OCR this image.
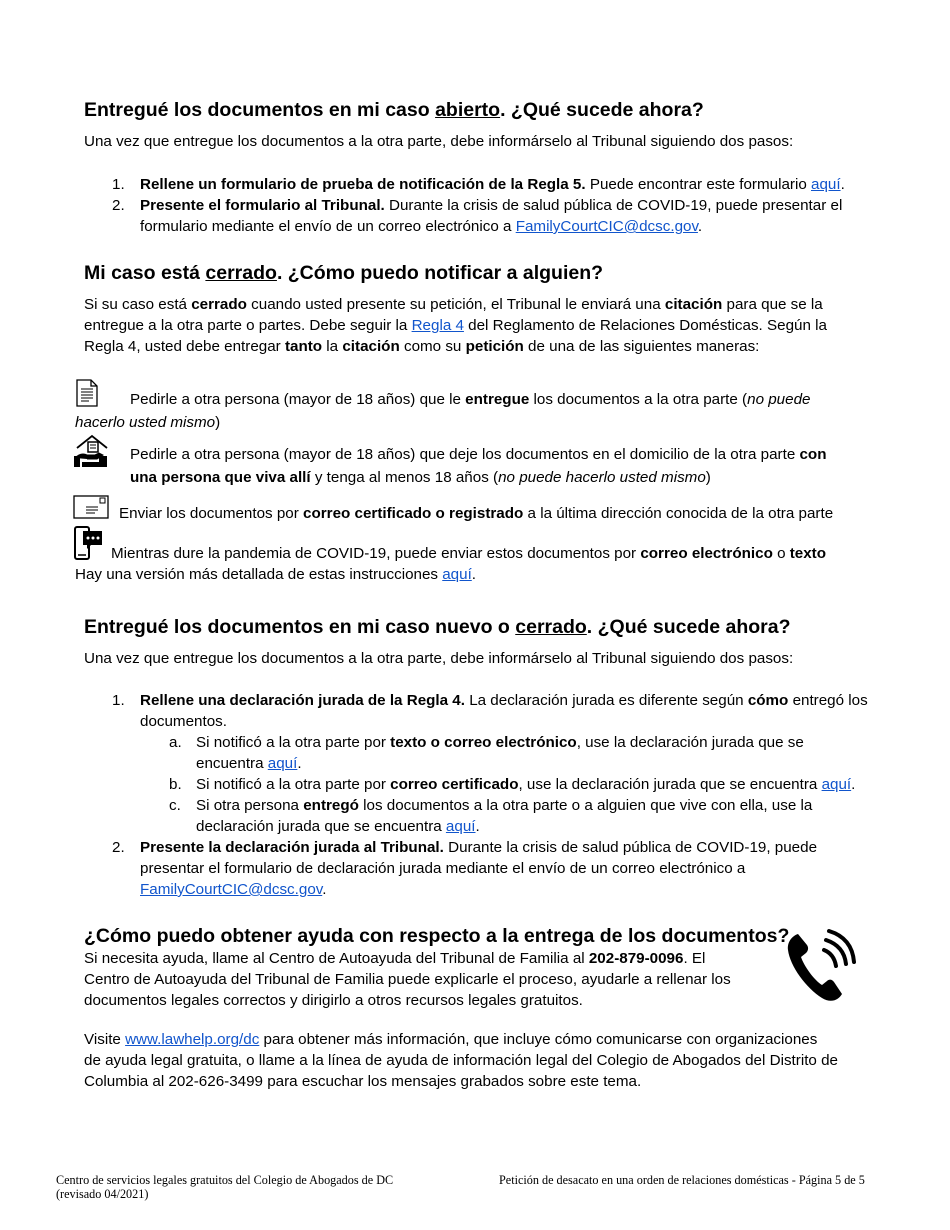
Entregué los documentos en mi caso abierto. ¿Qué sucede ahora?

Una vez que entregue los documentos a la otra parte, debe informárselo al Tribunal siguiendo dos pasos:

1. Rellene un formulario de prueba de notificación de la Regla 5. Puede encontrar este formulario aquí.

2. Presente el formulario al Tribunal. Durante la crisis de salud pública de COVID-19, puede presentar el

formulario mediante el envío de un correo electrónico a FamilyCourtCIC@dcsc.gov.

Mi caso está cerrado. ¿Cómo puedo notificar a alguien?

Si su caso está cerrado cuando usted presente su petición, el Tribunal le enviará una citación para que se la

entregue a la otra parte o partes. Debe seguir la Regla 4 del Reglamento de Relaciones Domésticas. Según la

Regla 4, usted debe entregar tanto la citación como su petición de una de las siguientes maneras:

Pedirle a otra persona (mayor de 18 años) que le entregue los documentos a la otra parte (no puede

hacerlo usted mismo)

Pedirle a otra persona (mayor de 18 años) que deje los documentos en el domicilio de la otra parte con

una persona que viva allí y tenga al menos 18 años (no puede hacerlo usted mismo)

Enviar los documentos por correo certificado o registrado a la última dirección conocida de la otra parte

Mientras dure la pandemia de COVID-19, puede enviar estos documentos por correo electrónico o texto

Hay una versión más detallada de estas instrucciones aquí.

Entregué los documentos en mi caso nuevo o cerrado. ¿Qué sucede ahora?

Una vez que entregue los documentos a la otra parte, debe informárselo al Tribunal siguiendo dos pasos:

1. Rellene una declaración jurada de la Regla 4. La declaración jurada es diferente según cómo entregó los

documentos.

a. Si notificó a la otra parte por texto o correo electrónico, use la declaración jurada que se

encuentra aquí.

b. Si notificó a la otra parte por correo certificado, use la declaración jurada que se encuentra aquí.

c. Si otra persona entregó los documentos a la otra parte o a alguien que vive con ella, use la

declaración jurada que se encuentra aquí.

2. Presente la declaración jurada al Tribunal. Durante la crisis de salud pública de COVID-19, puede

presentar el formulario de declaración jurada mediante el envío de un correo electrónico a

FamilyCourtCIC@dcsc.gov.

¿Cómo puedo obtener ayuda con respecto a la entrega de los documentos?

Si necesita ayuda, llame al Centro de Autoayuda del Tribunal de Familia al 202-879-0096. El

Centro de Autoayuda del Tribunal de Familia puede explicarle el proceso, ayudarle a rellenar los

documentos legales correctos y dirigirlo a otros recursos legales gratuitos.

Visite www.lawhelp.org/dc para obtener más información, que incluye cómo comunicarse con organizaciones

de ayuda legal gratuita, o llame a la línea de ayuda de información legal del Colegio de Abogados del Distrito de

Columbia al 202-626-3499 para escuchar los mensajes grabados sobre este tema.

Centro de servicios legales gratuitos del Colegio de Abogados de DC
(revisado 04/2021)
Petición de desacato en una orden de relaciones domésticas - Página 5 de 5
